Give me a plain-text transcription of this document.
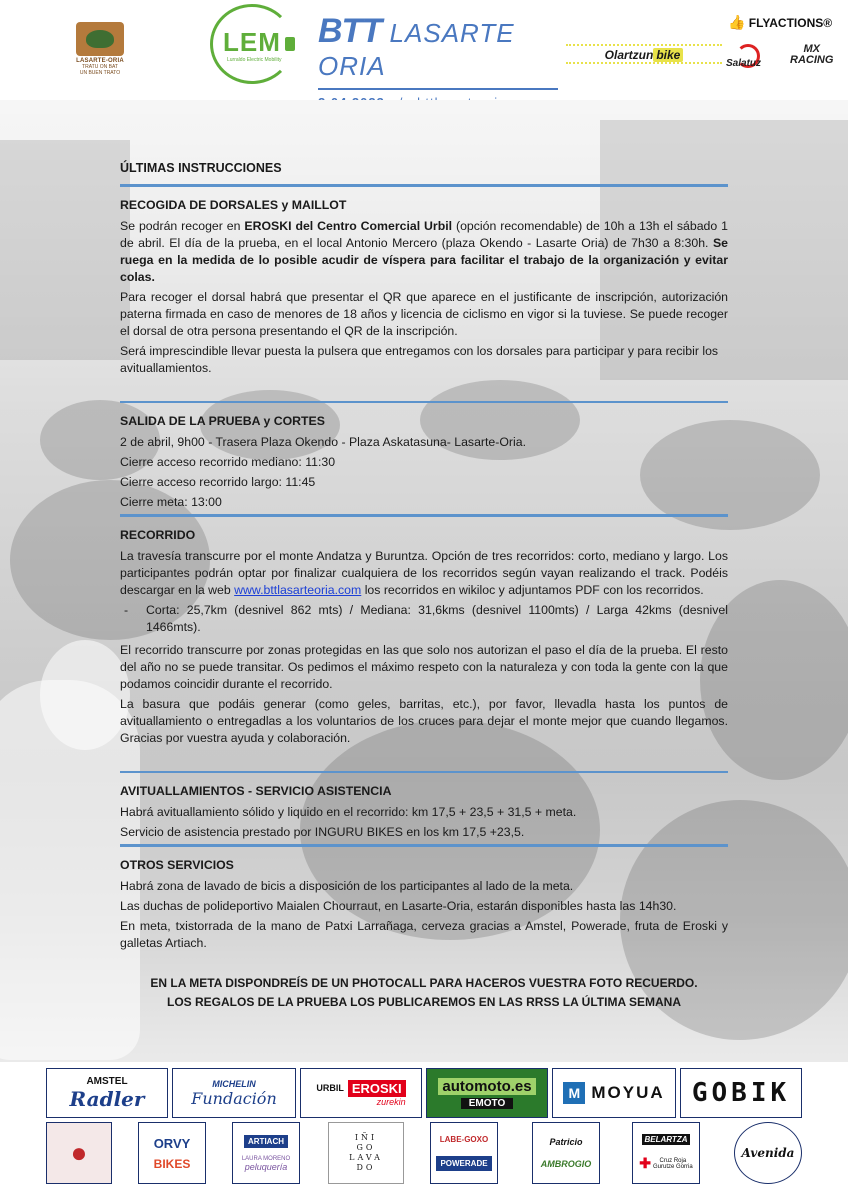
LASARTE-ORIA
TRATU ON BAT
UN BUEN TRATO
LEM
Lurraldo Electric Mobility
BTT LASARTE ORIA
	Olartzun bike
👍 FLYACTIONS®
Salatuz
MX
RACING
ÚLTIMAS INSTRUCCIONES
RECOGIDA DE DORSALES y MAILLOT

Se podrán recoger en EROSKI del Centro Comercial Urbil (opción recomendable) de 10h a 13h el sábado 1 de abril. El día de la prueba, en el local Antonio Mercero (plaza Okendo - Lasarte Oria) de 7h30 a 8:30h. Se ruega en la medida de lo posible acudir de víspera para facilitar el trabajo de la organización y evitar colas.

Para recoger el dorsal habrá que presentar el QR que aparece en el justificante de inscripción, autorización paterna firmada en caso de menores de 18 años y licencia de ciclismo en vigor si la tuviese. Se puede recoger el dorsal de otra persona presentando el QR de la inscripción.

Será imprescindible llevar puesta la pulsera que entregamos con los dorsales para participar y para recibir los avituallamientos.

SALIDA DE LA PRUEBA y CORTES

2 de abril, 9h00 - Trasera Plaza Okendo - Plaza Askatasuna- Lasarte-Oria.

Cierre acceso recorrido mediano: 11:30

Cierre acceso recorrido largo: 11:45

Cierre meta: 13:00

RECORRIDO

La travesía transcurre por el monte Andatza y Buruntza. Opción de tres recorridos: corto, mediano y largo. Los participantes podrán optar por finalizar cualquiera de los recorridos según vayan realizando el track. Podéis descargar en la web www.bttlasarteoria.com los recorridos en wikiloc y adjuntamos PDF con los recorridos.

- Corta: 25,7km (desnivel 862 mts) / Mediana: 31,6kms (desnivel 1100mts) / Larga 42kms (desnivel 1466mts).

El recorrido transcurre por zonas protegidas en las que solo nos autorizan el paso el día de la prueba. El resto del año no se puede transitar. Os pedimos el máximo respeto con la naturaleza y con toda la gente con la que podamos coincidir durante el recorrido.

La basura que podáis generar (como geles, barritas, etc.), por favor, llevadla hasta los puntos de avituallamiento o entregadlas a los voluntarios de los cruces para dejar el monte mejor que cuando llegamos. Gracias por vuestra ayuda y colaboración.

AVITUALLAMIENTOS - SERVICIO ASISTENCIA

Habrá avituallamiento sólido y liquido en el recorrido: km 17,5 + 23,5 + 31,5 + meta.

Servicio de asistencia prestado por INGURU BIKES en los km 17,5 +23,5.

OTROS SERVICIOS

Habrá zona de lavado de bicis a disposición de los participantes al lado de la meta.

Las duchas de polideportivo Maialen Chourraut, en Lasarte-Oria, estarán disponibles hasta las 14h30.

En meta, txistorrada de la mano de Patxi Larrañaga, cerveza gracias a Amstel, Powerade, fruta de Eroski y galletas Artiach.

EN LA META DISPONDREÍS DE UN PHOTOCALL PARA HACEROS VUESTRA FOTO RECUERDO.
LOS REGALOS DE LA PRUEBA LOS PUBLICAREMOS EN LAS RRSS LA ÚLTIMA SEMANA
AMSTEL
Radler
MICHELIN
Fundación
URBIL EROSKI
zurekin
automoto.es
EMOTO
M MOYUA GOBIK
●	ORVY
BIKES
ARTIACH
LAURA MORENO
peluquería
IÑI
GO
LAVA
DO
LABE-GOXO
POWERADE
Patricio
AMBROGIO
BELARTZA
✚	Cruz Roja
Gurutze Gorria
Avenida
